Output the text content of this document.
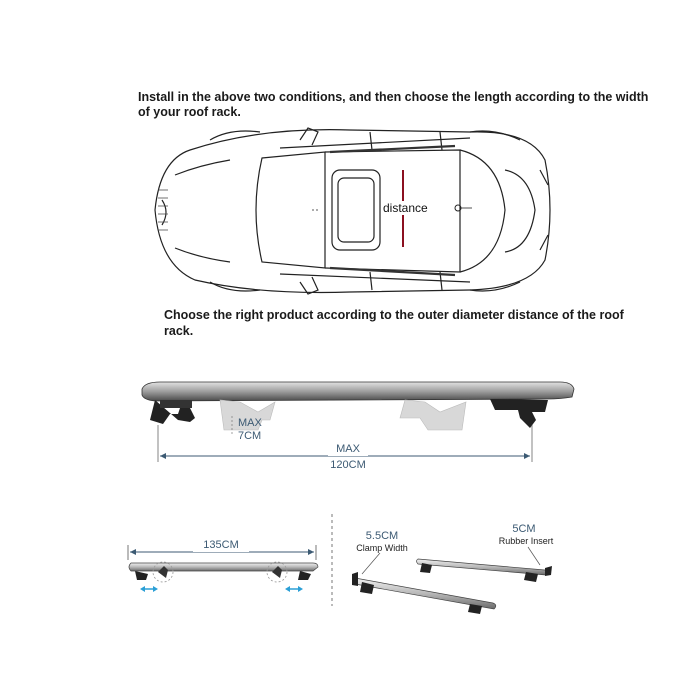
Install in the above two conditions, and then choose the length according to the width
of your roof rack.
Choose the right product according to the outer diameter distance of the roof
rack.
distance
MAX
7CM
MAX
120CM
135CM
5.5CM
Clamp Width
5CM
Rubber Insert
